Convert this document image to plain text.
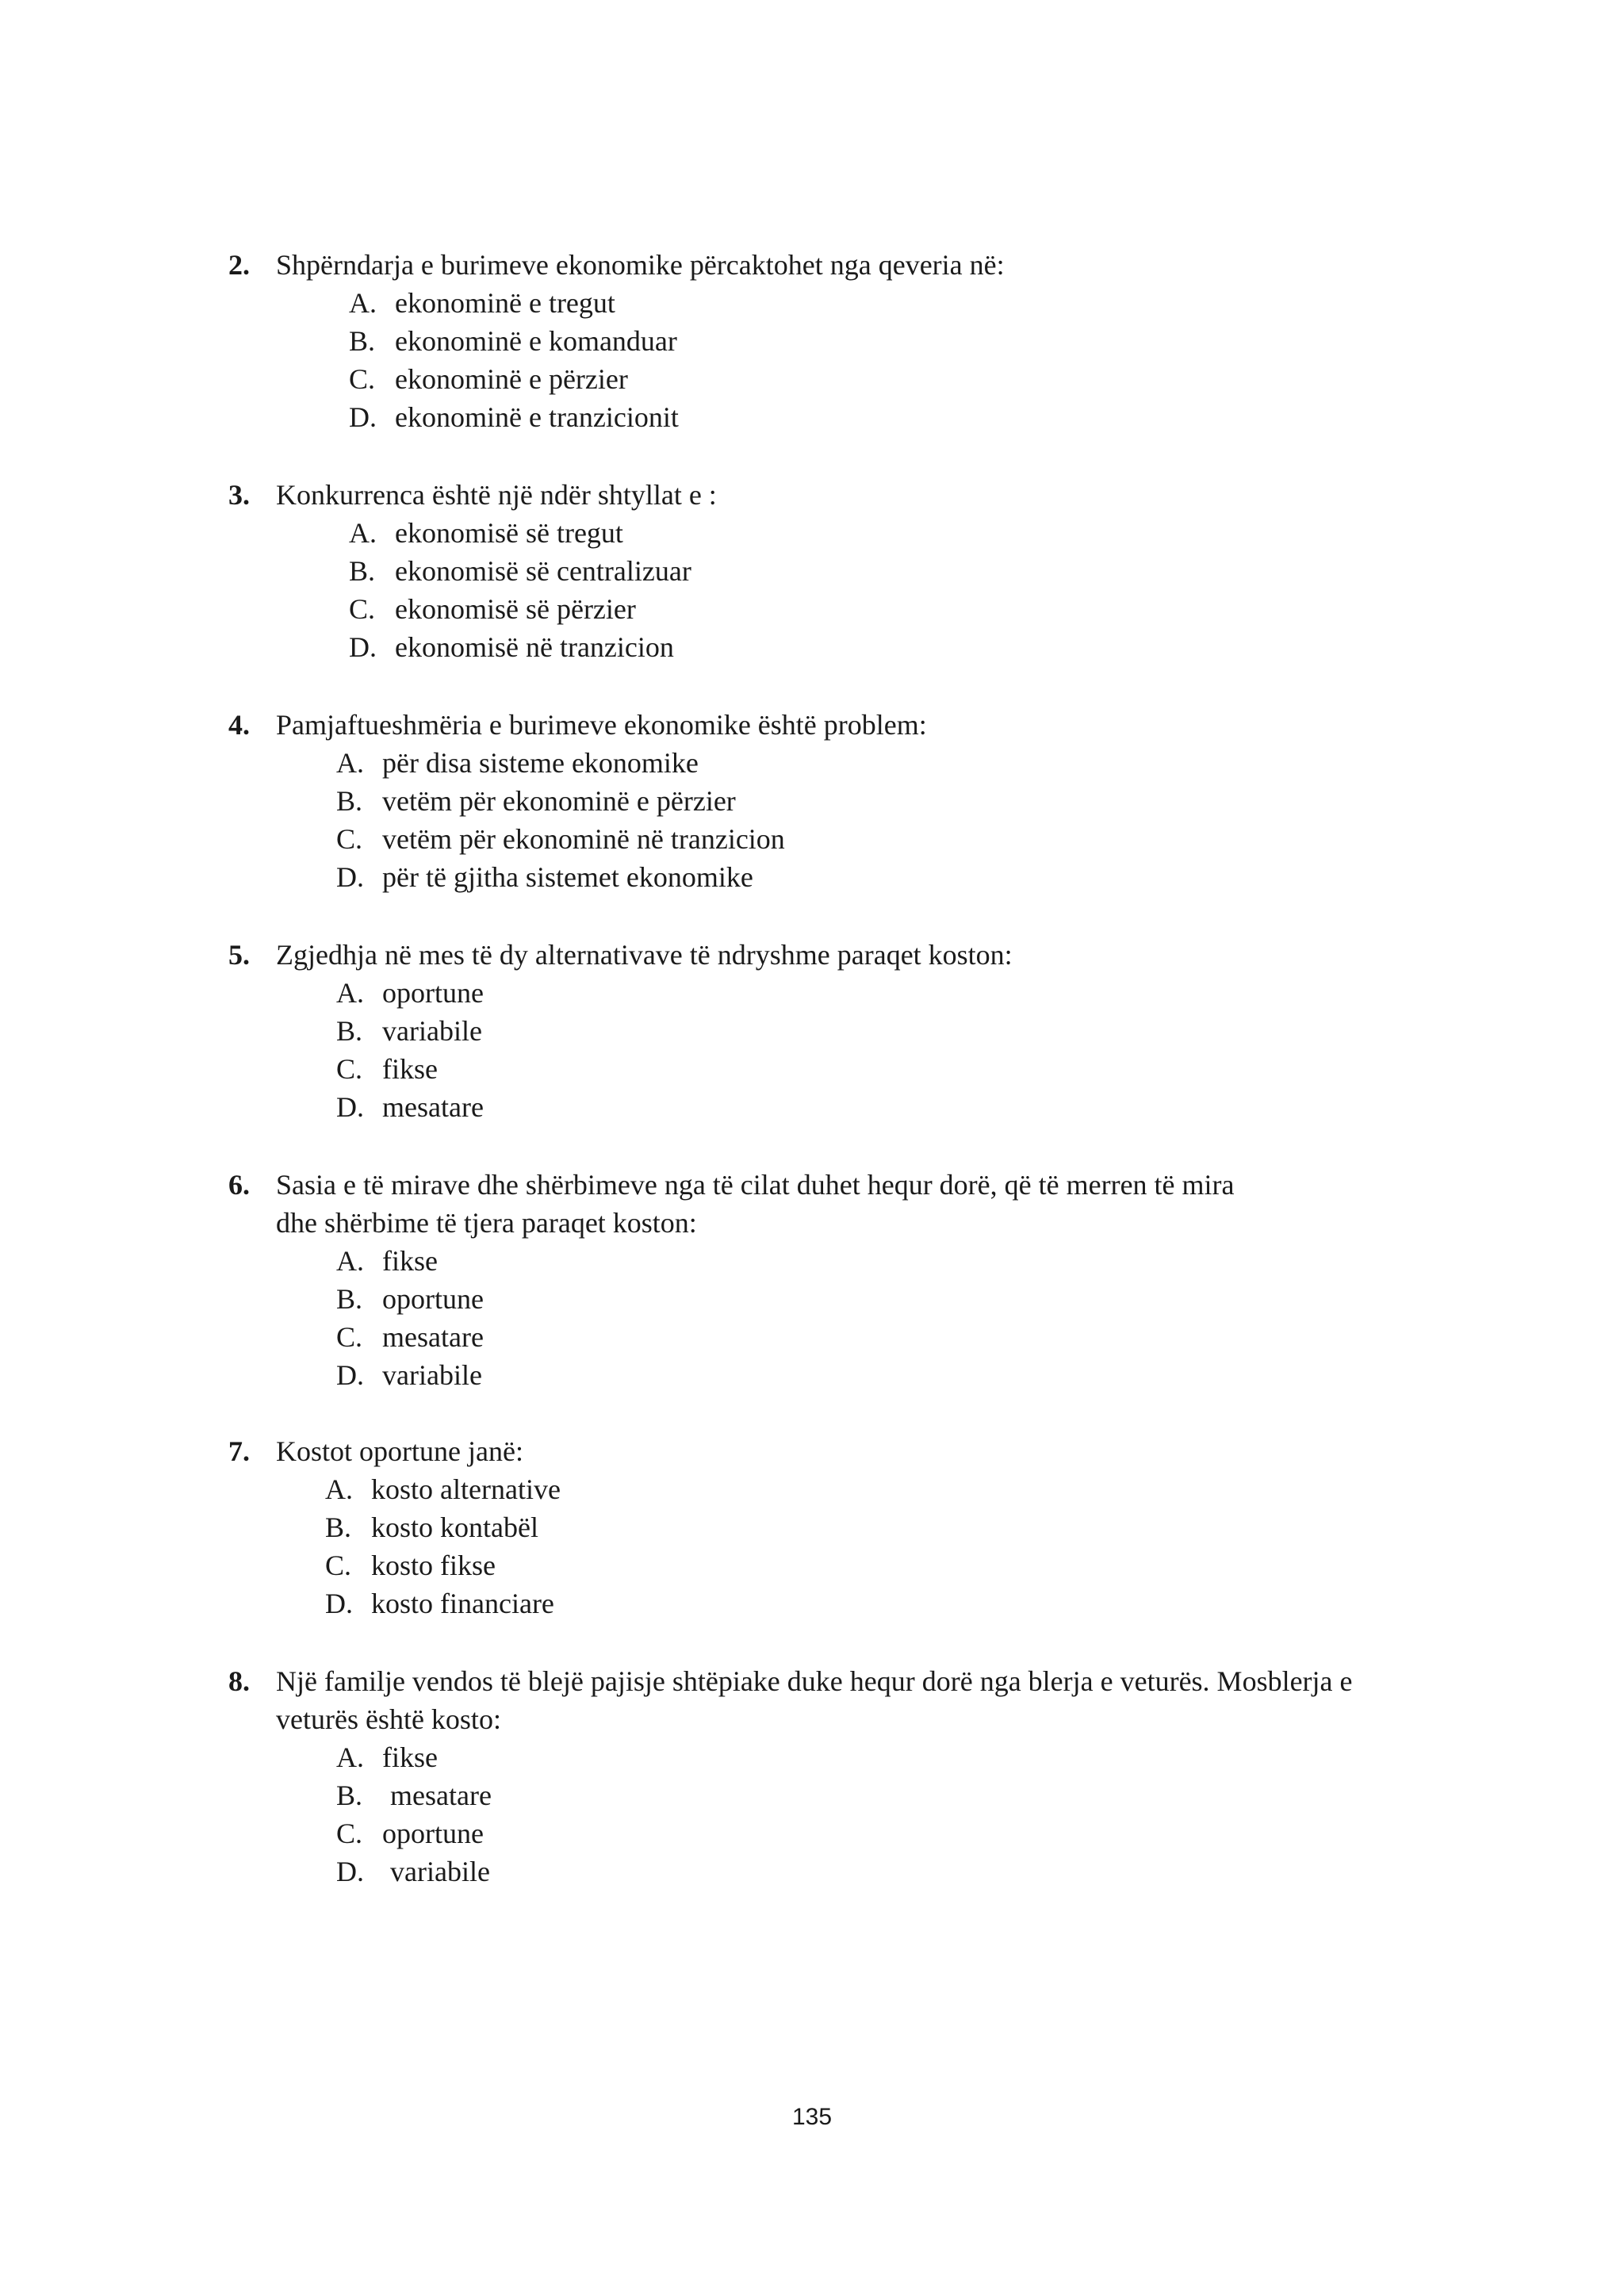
2. Shpërndarja e burimeve ekonomike përcaktohet nga qeveria në:
A. ekonominë e tregut
B. ekonominë e komanduar
C. ekonominë e përzier
D. ekonominë e tranzicionit
3. Konkurrenca është një ndër shtyllat e :
A. ekonomisë së tregut
B. ekonomisë së centralizuar
C. ekonomisë së përzier
D. ekonomisë në tranzicion
4. Pamjaftueshmëria e burimeve ekonomike është problem:
A. për disa sisteme ekonomike
B. vetëm për ekonominë e përzier
C. vetëm për ekonominë në tranzicion
D. për të gjitha sistemet ekonomike
5. Zgjedhja në mes të dy alternativave të ndryshme paraqet koston:
A. oportune
B. variabile
C. fikse
D. mesatare
6. Sasia e të mirave dhe shërbimeve nga të cilat duhet hequr dorë, që të merren të mira
dhe shërbime të tjera paraqet koston:
A. fikse
B. oportune
C. mesatare
D. variabile
7. Kostot oportune janë:
A. kosto alternative
B. kosto kontabël
C. kosto fikse
D. kosto financiare
8. Një familje vendos të blejë pajisje shtëpiake duke hequr dorë nga blerja e veturës. Mosblerja e
veturës është kosto:
A. fikse
B. mesatare
C. oportune
D. variabile
135
